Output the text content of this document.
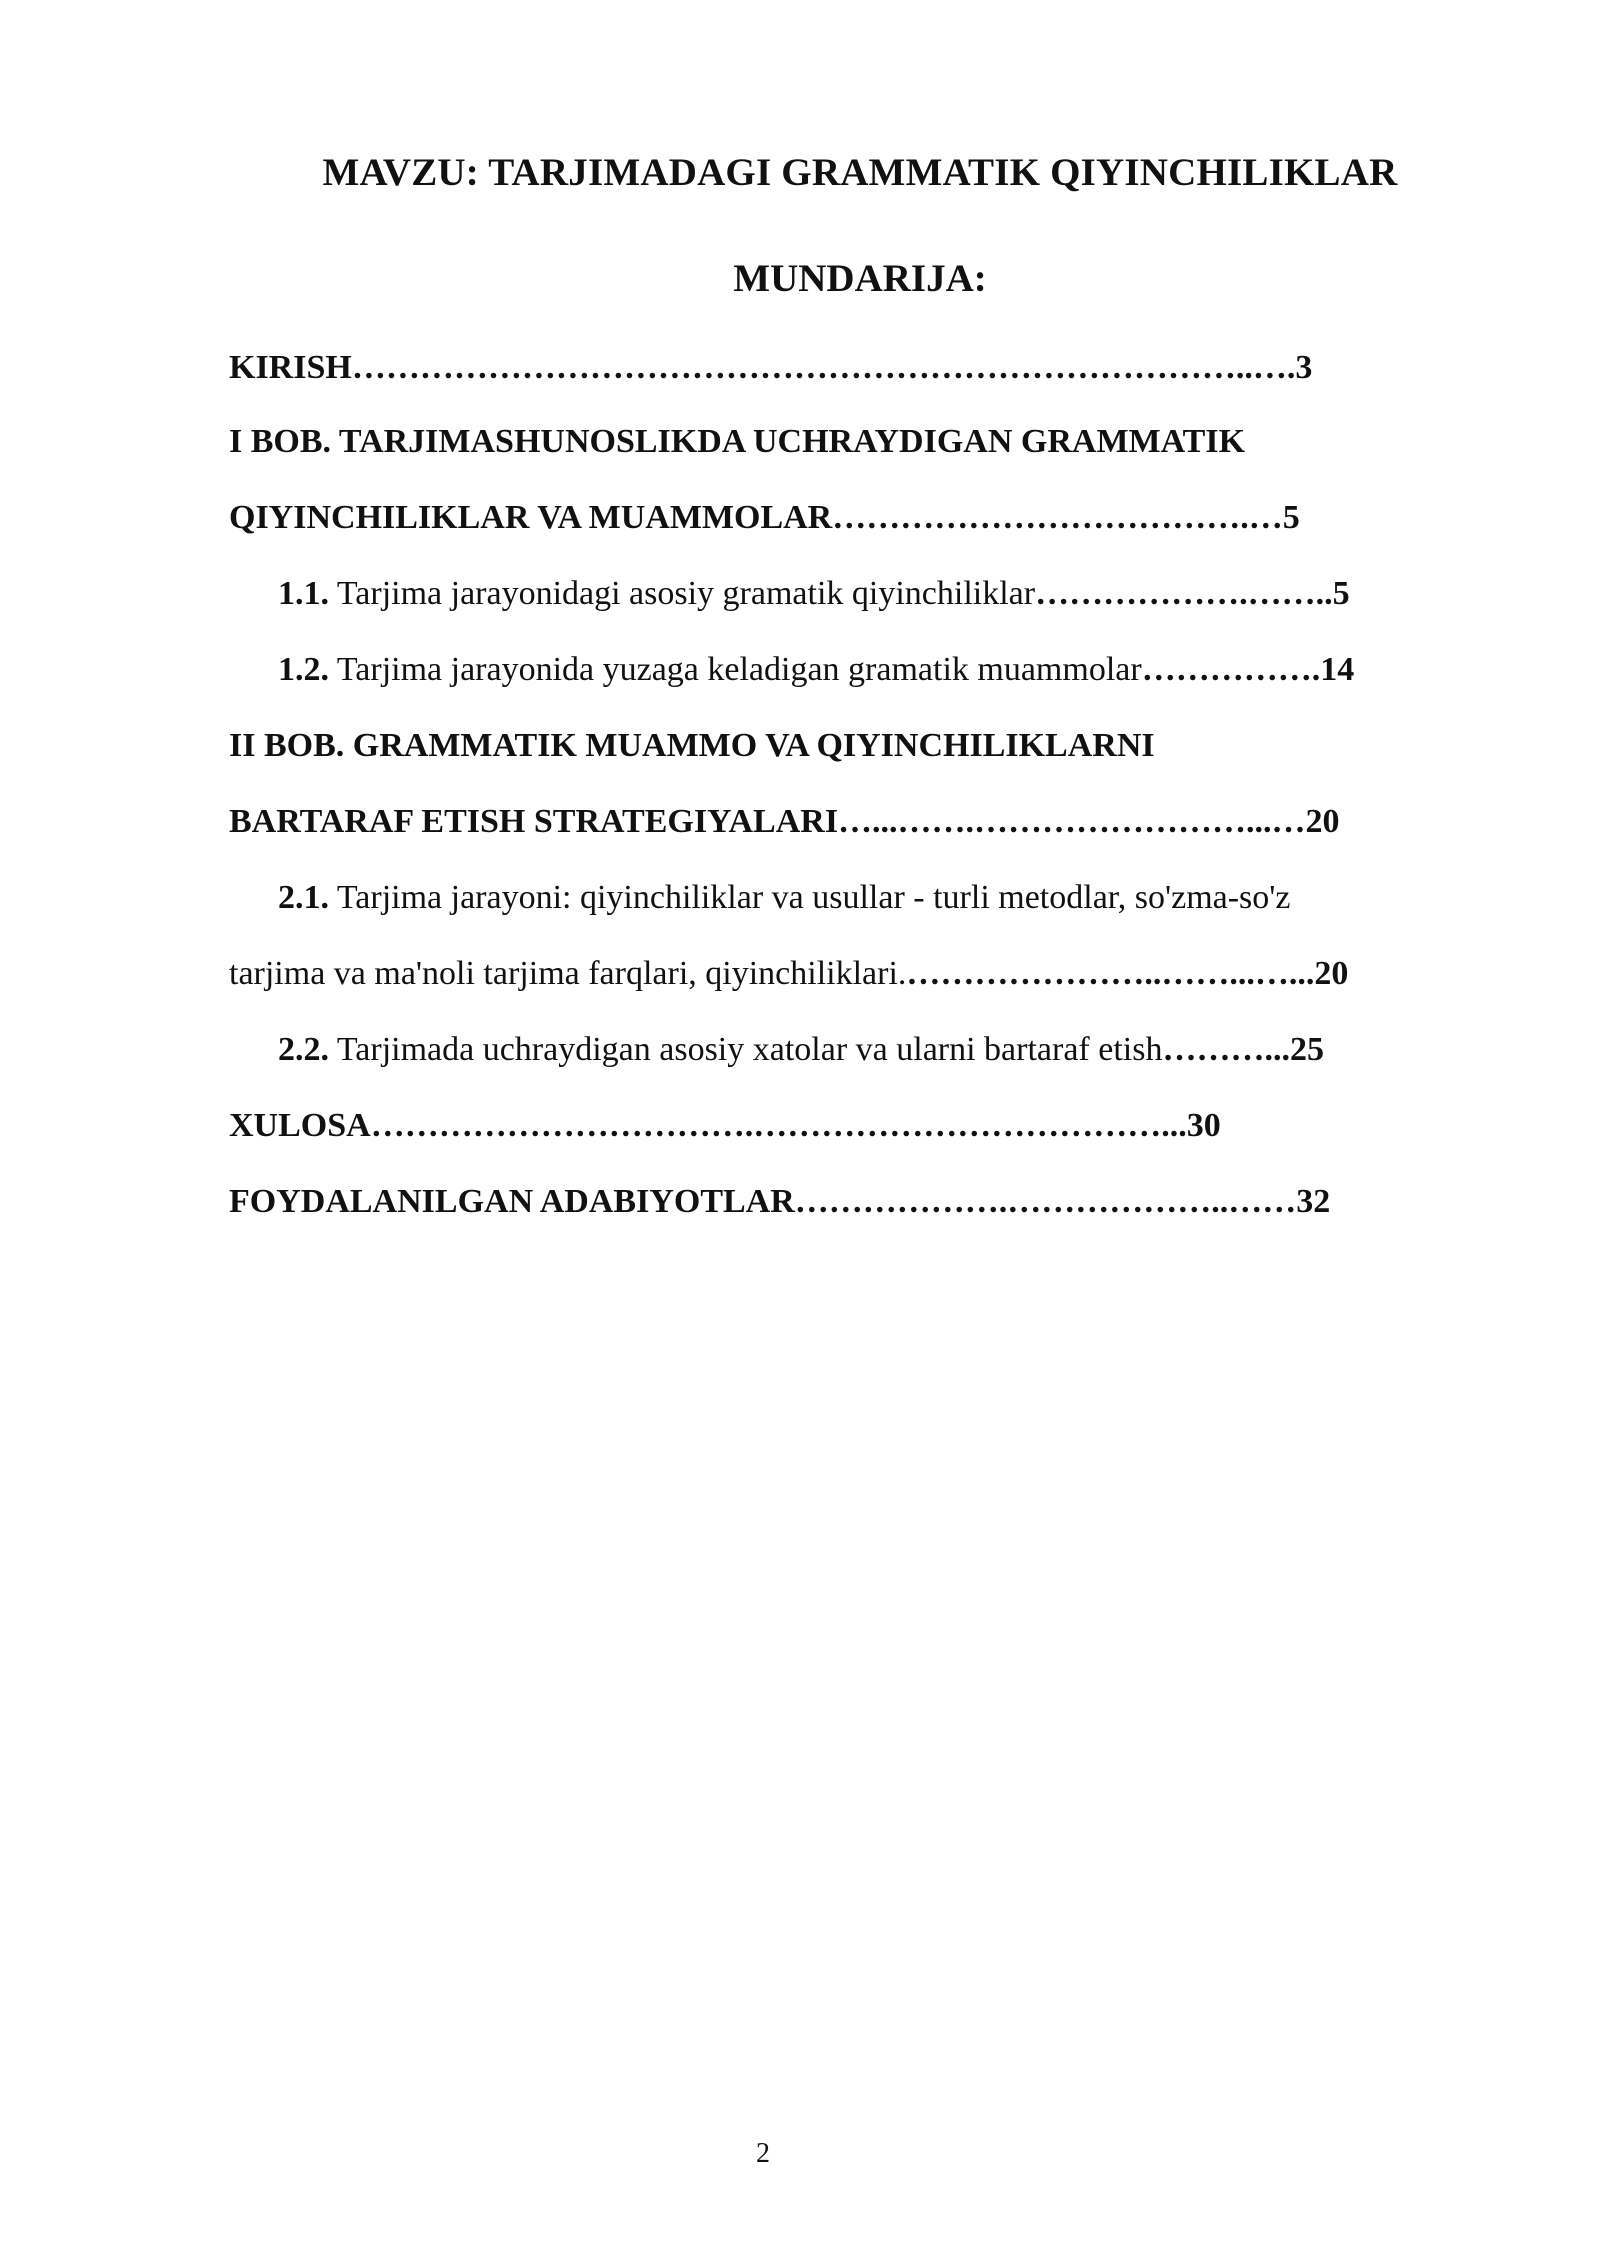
MAVZU: TARJIMADAGI GRAMMATIK QIYINCHILIKLAR
MUNDARIJA:
KIRISH……………………………………………………………………..….3
I BOB. TARJIMASHUNOSLIKDA UCHRAYDIGAN GRAMMATIK
QIYINCHILIKLAR VA MUAMMOLAR……………………………….…5
1.1. Tarjima jarayonidagi asosiy gramatik qiyinchiliklar……………….……..5
1.2. Tarjima jarayonida yuzaga keladigan gramatik muammolar…………….14
II BOB. GRAMMATIK MUAMMO VA QIYINCHILIKLARNI
BARTARAF ETISH STRATEGIYALARI…...…….……………………...…20
2.1. Tarjima jarayoni: qiyinchiliklar va usullar - turli metodlar, so'zma-so'z
tarjima va ma'noli tarjima farqlari, qiyinchiliklari.…………………..……...…...20
2.2. Tarjimada uchraydigan asosiy xatolar va ularni bartaraf etish………...25
XULOSA…………………………….………………………………...30
FOYDALANILGAN ADABIYOTLAR……………….………………..……32
2
